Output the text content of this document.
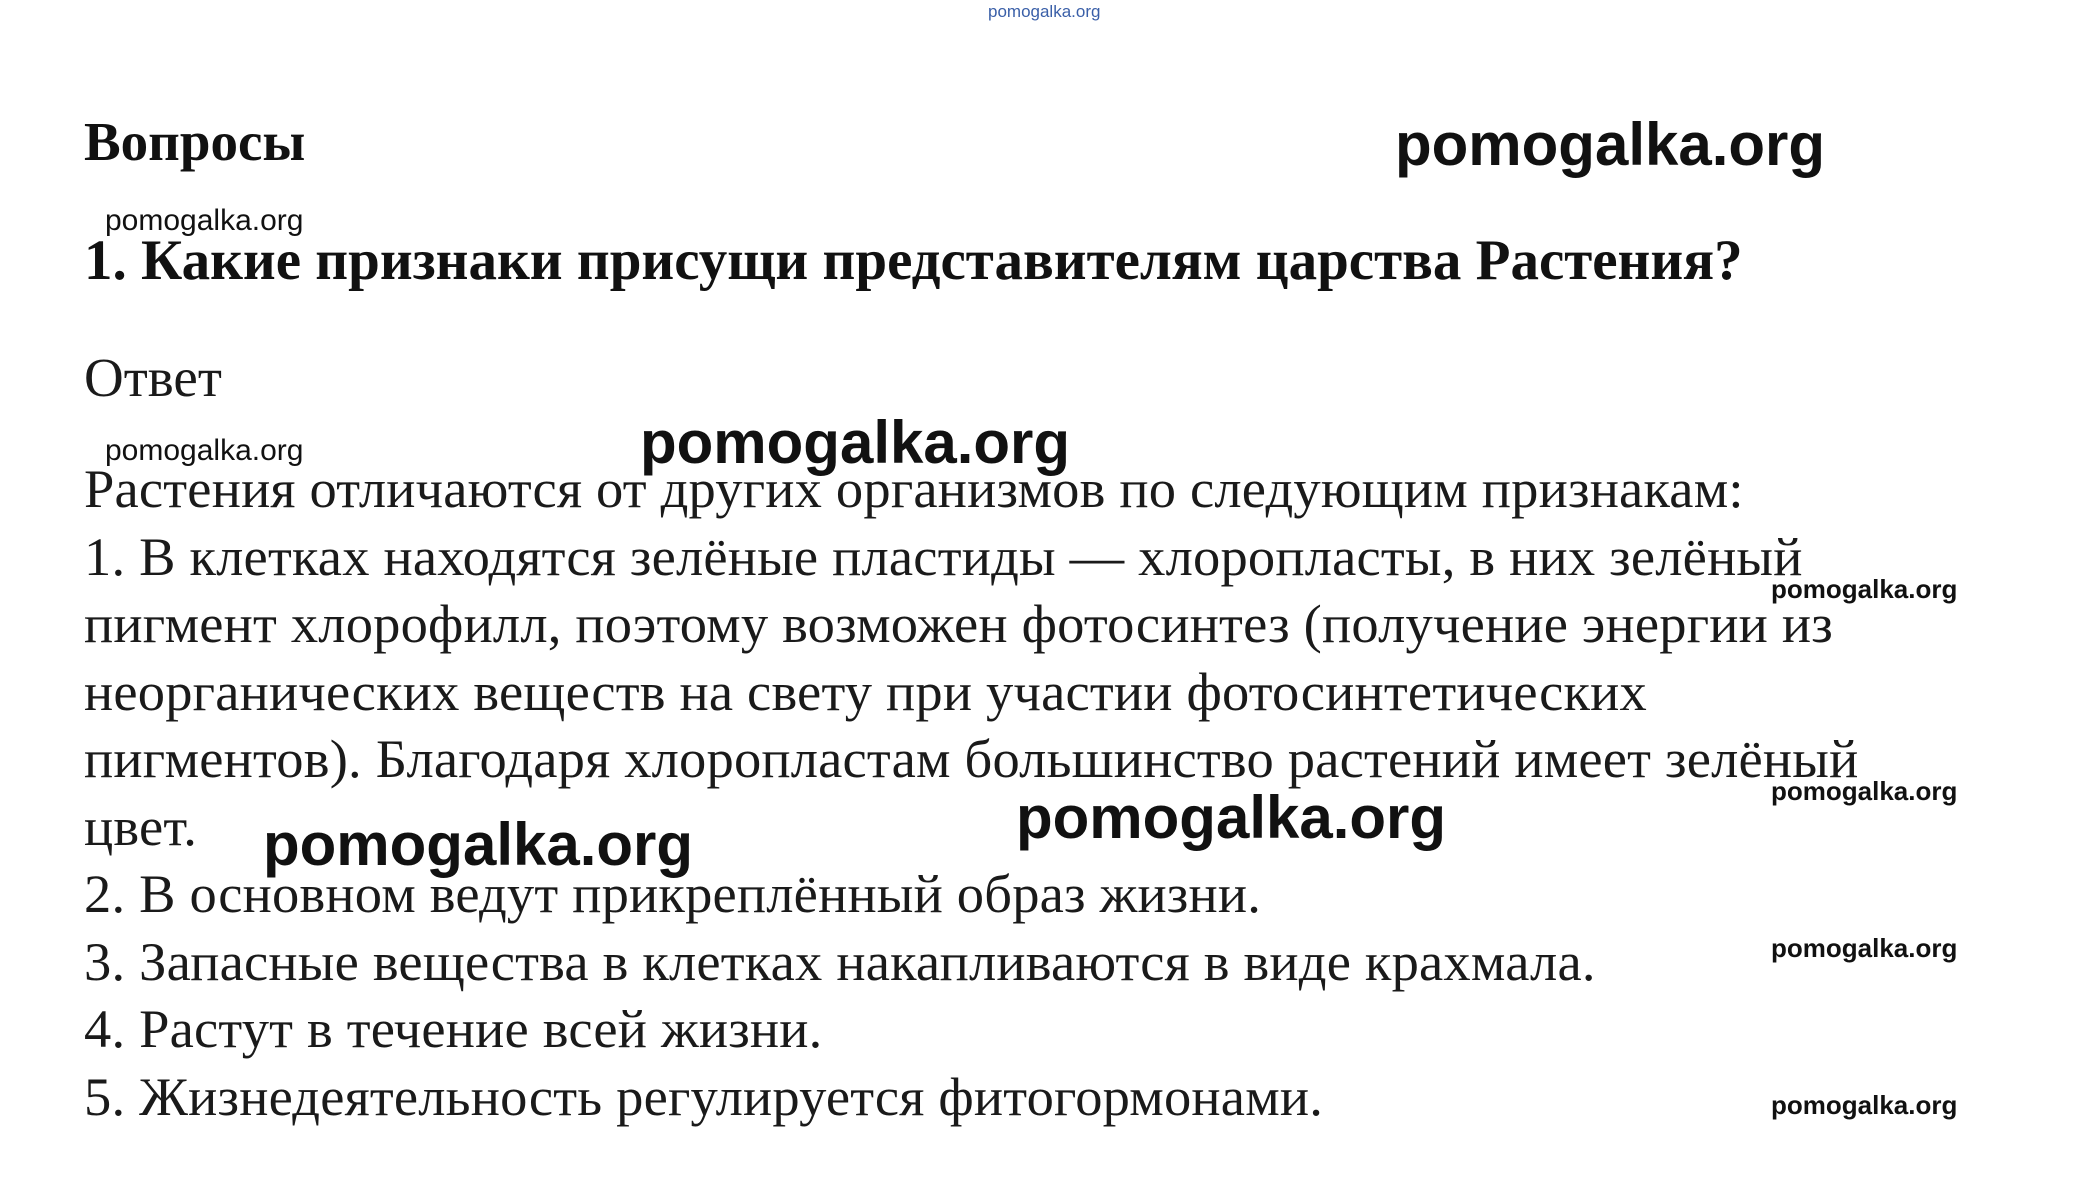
pomogalka.org
Вопросы	pomogalka.org
pomogalka.org
1. Какие признаки присущи представителям царства Растения?
Ответ
pomogalka.org	pomogalka.org
Растения отличаются от других организмов по следующим признакам:
1. В клетках находятся зелёные пластиды — хлоропласты, в них зелёный
пигмент хлорофилл, поэтому возможен фотосинтез (получение энергии из
неорганических веществ на свету при участии фотосинтетических
пигментов). Благодаря хлоропластам большинство растений имеет зелёный
цвет.
2. В основном ведут прикреплённый образ жизни.
3. Запасные вещества в клетках накапливаются в виде крахмала.
4. Растут в течение всей жизни.
5. Жизнедеятельность регулируется фитогормонами.
pomogalka.org	pomogalka.org
pomogalka.org
pomogalka.org
pomogalka.org
pomogalka.org
